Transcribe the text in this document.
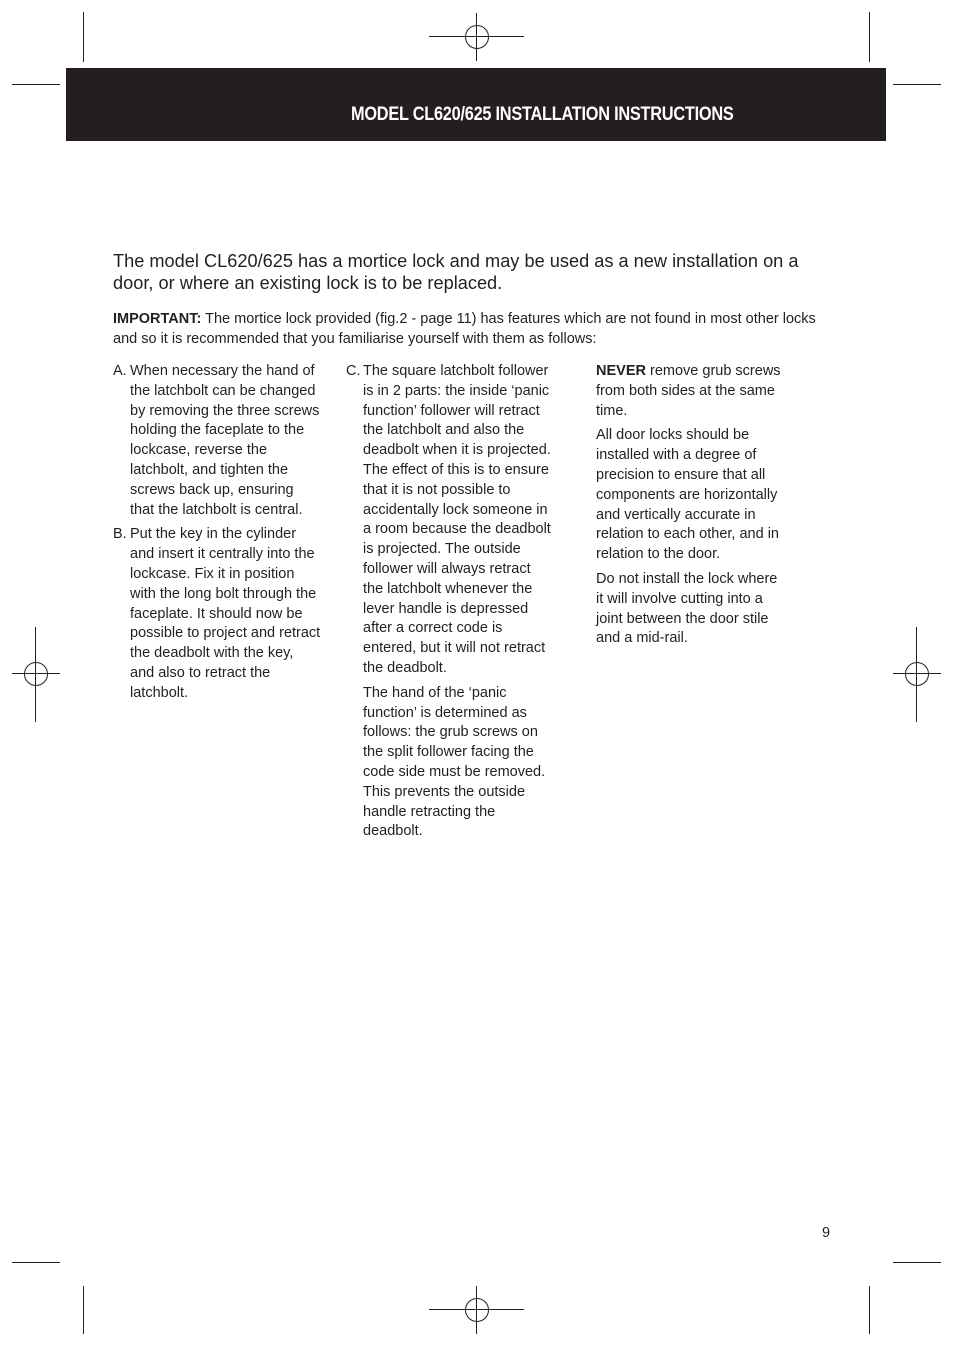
MODEL CL620/625 INSTALLATION INSTRUCTIONS

The model CL620/625 has a mortice lock and may be used as a new installation on a door, or where an existing lock is to be replaced.

IMPORTANT: The mortice lock provided (fig.2 - page 11) has features which are not found in most other locks and so it is recommended that you familiarise yourself with them as follows:

A. When necessary the hand of the latchbolt can be changed by removing the three screws holding the faceplate to the lockcase, reverse the latchbolt, and tighten the screws back up, ensuring that the latchbolt is central.
B. Put the key in the cylinder and insert it centrally into the lockcase. Fix it in position with the long bolt through the faceplate. It should now be possible to project and retract the deadbolt with the key, and also to retract the latchbolt.
C. The square latchbolt follower is in 2 parts: the inside ‘panic function’ follower will retract the latchbolt and also the deadbolt when it is projected. The effect of this is to ensure that it is not possible to accidentally lock someone in a room because the deadbolt is projected. The outside follower will always retract the latchbolt whenever the lever handle is depressed after a correct code is entered, but it will not retract the deadbolt.
The hand of the ‘panic function’ is determined as follows: the grub screws on the split follower facing the code side must be removed. This prevents the outside handle retracting the deadbolt.
NEVER remove grub screws from both sides at the same time.
All door locks should be installed with a degree of precision to ensure that all components are horizontally and vertically accurate in relation to each other, and in relation to the door.
Do not install the lock where it will involve cutting into a joint between the door stile and a mid-rail.
9
